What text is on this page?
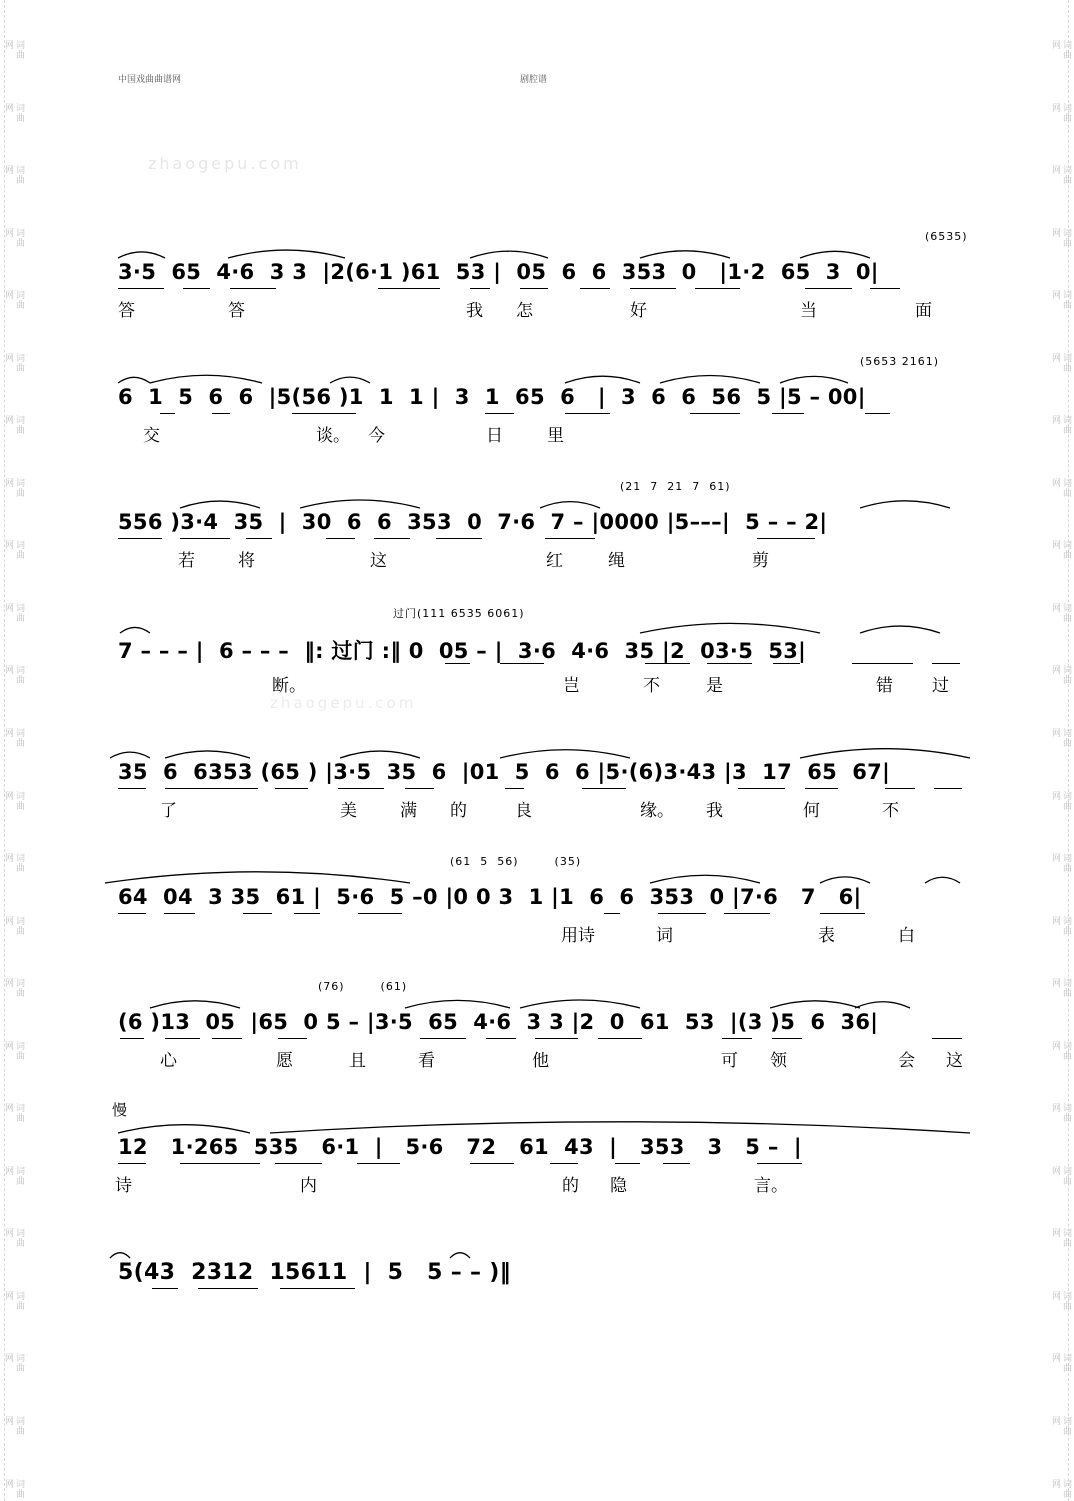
词曲网
词曲网
词曲网
词曲网
词曲网
词曲网
词曲网
词曲网
词曲网
词曲网
词曲网
词曲网
词曲网
词曲网
词曲网
词曲网
词曲网
词曲网
词曲网
词曲网
词曲网
词曲网
词曲网
词曲网
词曲网
词曲网
词曲网
词曲网
词曲网
词曲网
词曲网
词曲网
词曲网
词曲网
词曲网
词曲网
词曲网
词曲网
词曲网
词曲网
词曲网
词曲网
词曲网
词曲网
词曲网
词曲网
词曲网
词曲网
中国戏曲曲谱网	剧腔谱
zhaogepu.com
zhaogepu.com
(6535)
3·5  65  4·6  3 3  |2(6·1 )61  53 |  05  6  6  353  0   |1·2  65  3  0|
答	答	我 怎	好	当	面
(5653 2161)
6  1  5  6  6  |5(56 )1  1  1 |  3  1  65  6   |  3  6  6  56  5 |5 – 00|
交	谈。 今	日	里
(21  7  21  7  61)
556 )3·4  35  |  30  6  6  353  0  7·6  7 – |0000 |5–––|  5 – – 2|
若	将	这	红	绳	剪
过门(111 6535 6061)
7 – – – |  6 – – –  ‖: 过门 :‖ 0  05 – |  3·6  4·6  35 |2  03·5  53|
断。	岂	不	是	错 过
35  6  6353 (65 ) |3·5  35  6  |01  5  6  6 |5·(6)3·43 |3  17  65  67|
了	美	满 的	良	缘。 我	何	不
(61  5  56)        (35)
64  04  3 35  61 |  5·6  5 –0 |0 0 3  1 |1  6  6  353  0 |7·6   7   6|
用诗	词	表	白
(76)        (61)
(6 )13  05  |65  0 5 – |3·5  65  4·6  3 3 |2  0  61  53  |(3 )5  6  36|
心	愿	且	看	他	可 领	会 这
慢
12   1·265  535   6·1  |   5·6   72   61  43  |   353   3   5 –  |
诗	内	的 隐	言。
5(43  2312  15611  |  5   5 – – )‖
